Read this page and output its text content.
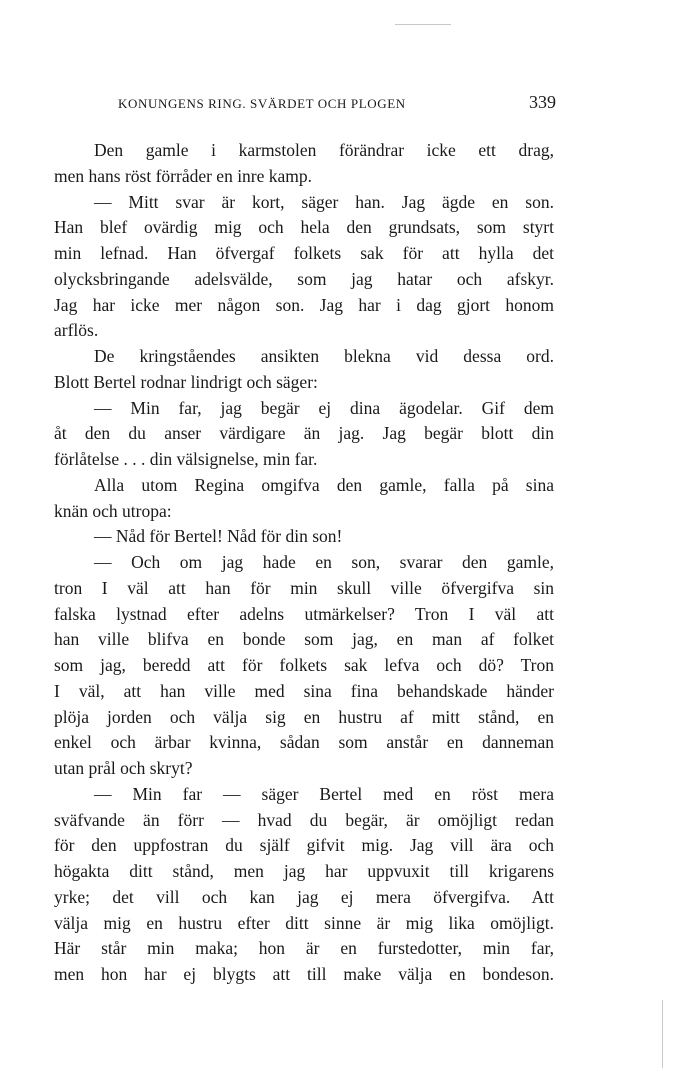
KONUNGENS RING. SVÄRDET OCH PLOGEN	339
Den gamle i karmstolen förändrar icke ett drag,
men hans röst förråder en inre kamp.
— Mitt svar är kort, säger han. Jag ägde en son.
Han blef ovärdig mig och hela den grundsats, som styrt
min lefnad. Han öfvergaf folkets sak för att hylla det
olycksbringande adelsvälde, som jag hatar och afskyr.
Jag har icke mer någon son. Jag har i dag gjort honom
arflös.
De kringståendes ansikten blekna vid dessa ord.
Blott Bertel rodnar lindrigt och säger:
— Min far, jag begär ej dina ägodelar. Gif dem
åt den du anser värdigare än jag. Jag begär blott din
förlåtelse . . . din välsignelse, min far.
Alla utom Regina omgifva den gamle, falla på sina
knän och utropa:
— Nåd för Bertel! Nåd för din son!
— Och om jag hade en son, svarar den gamle,
tron I väl att han för min skull ville öfvergifva sin
falska lystnad efter adelns utmärkelser? Tron I väl att
han ville blifva en bonde som jag, en man af folket
som jag, beredd att för folkets sak lefva och dö? Tron
I väl, att han ville med sina fina behandskade händer
plöja jorden och välja sig en hustru af mitt stånd, en
enkel och ärbar kvinna, sådan som anstår en danneman
utan prål och skryt?
— Min far — säger Bertel med en röst mera
sväfvande än förr — hvad du begär, är omöjligt redan
för den uppfostran du själf gifvit mig. Jag vill ära och
högakta ditt stånd, men jag har uppvuxit till krigarens
yrke; det vill och kan jag ej mera öfvergifva. Att
välja mig en hustru efter ditt sinne är mig lika omöjligt.
Här står min maka; hon är en furstedotter, min far,
men hon har ej blygts att till make välja en bondeson.
